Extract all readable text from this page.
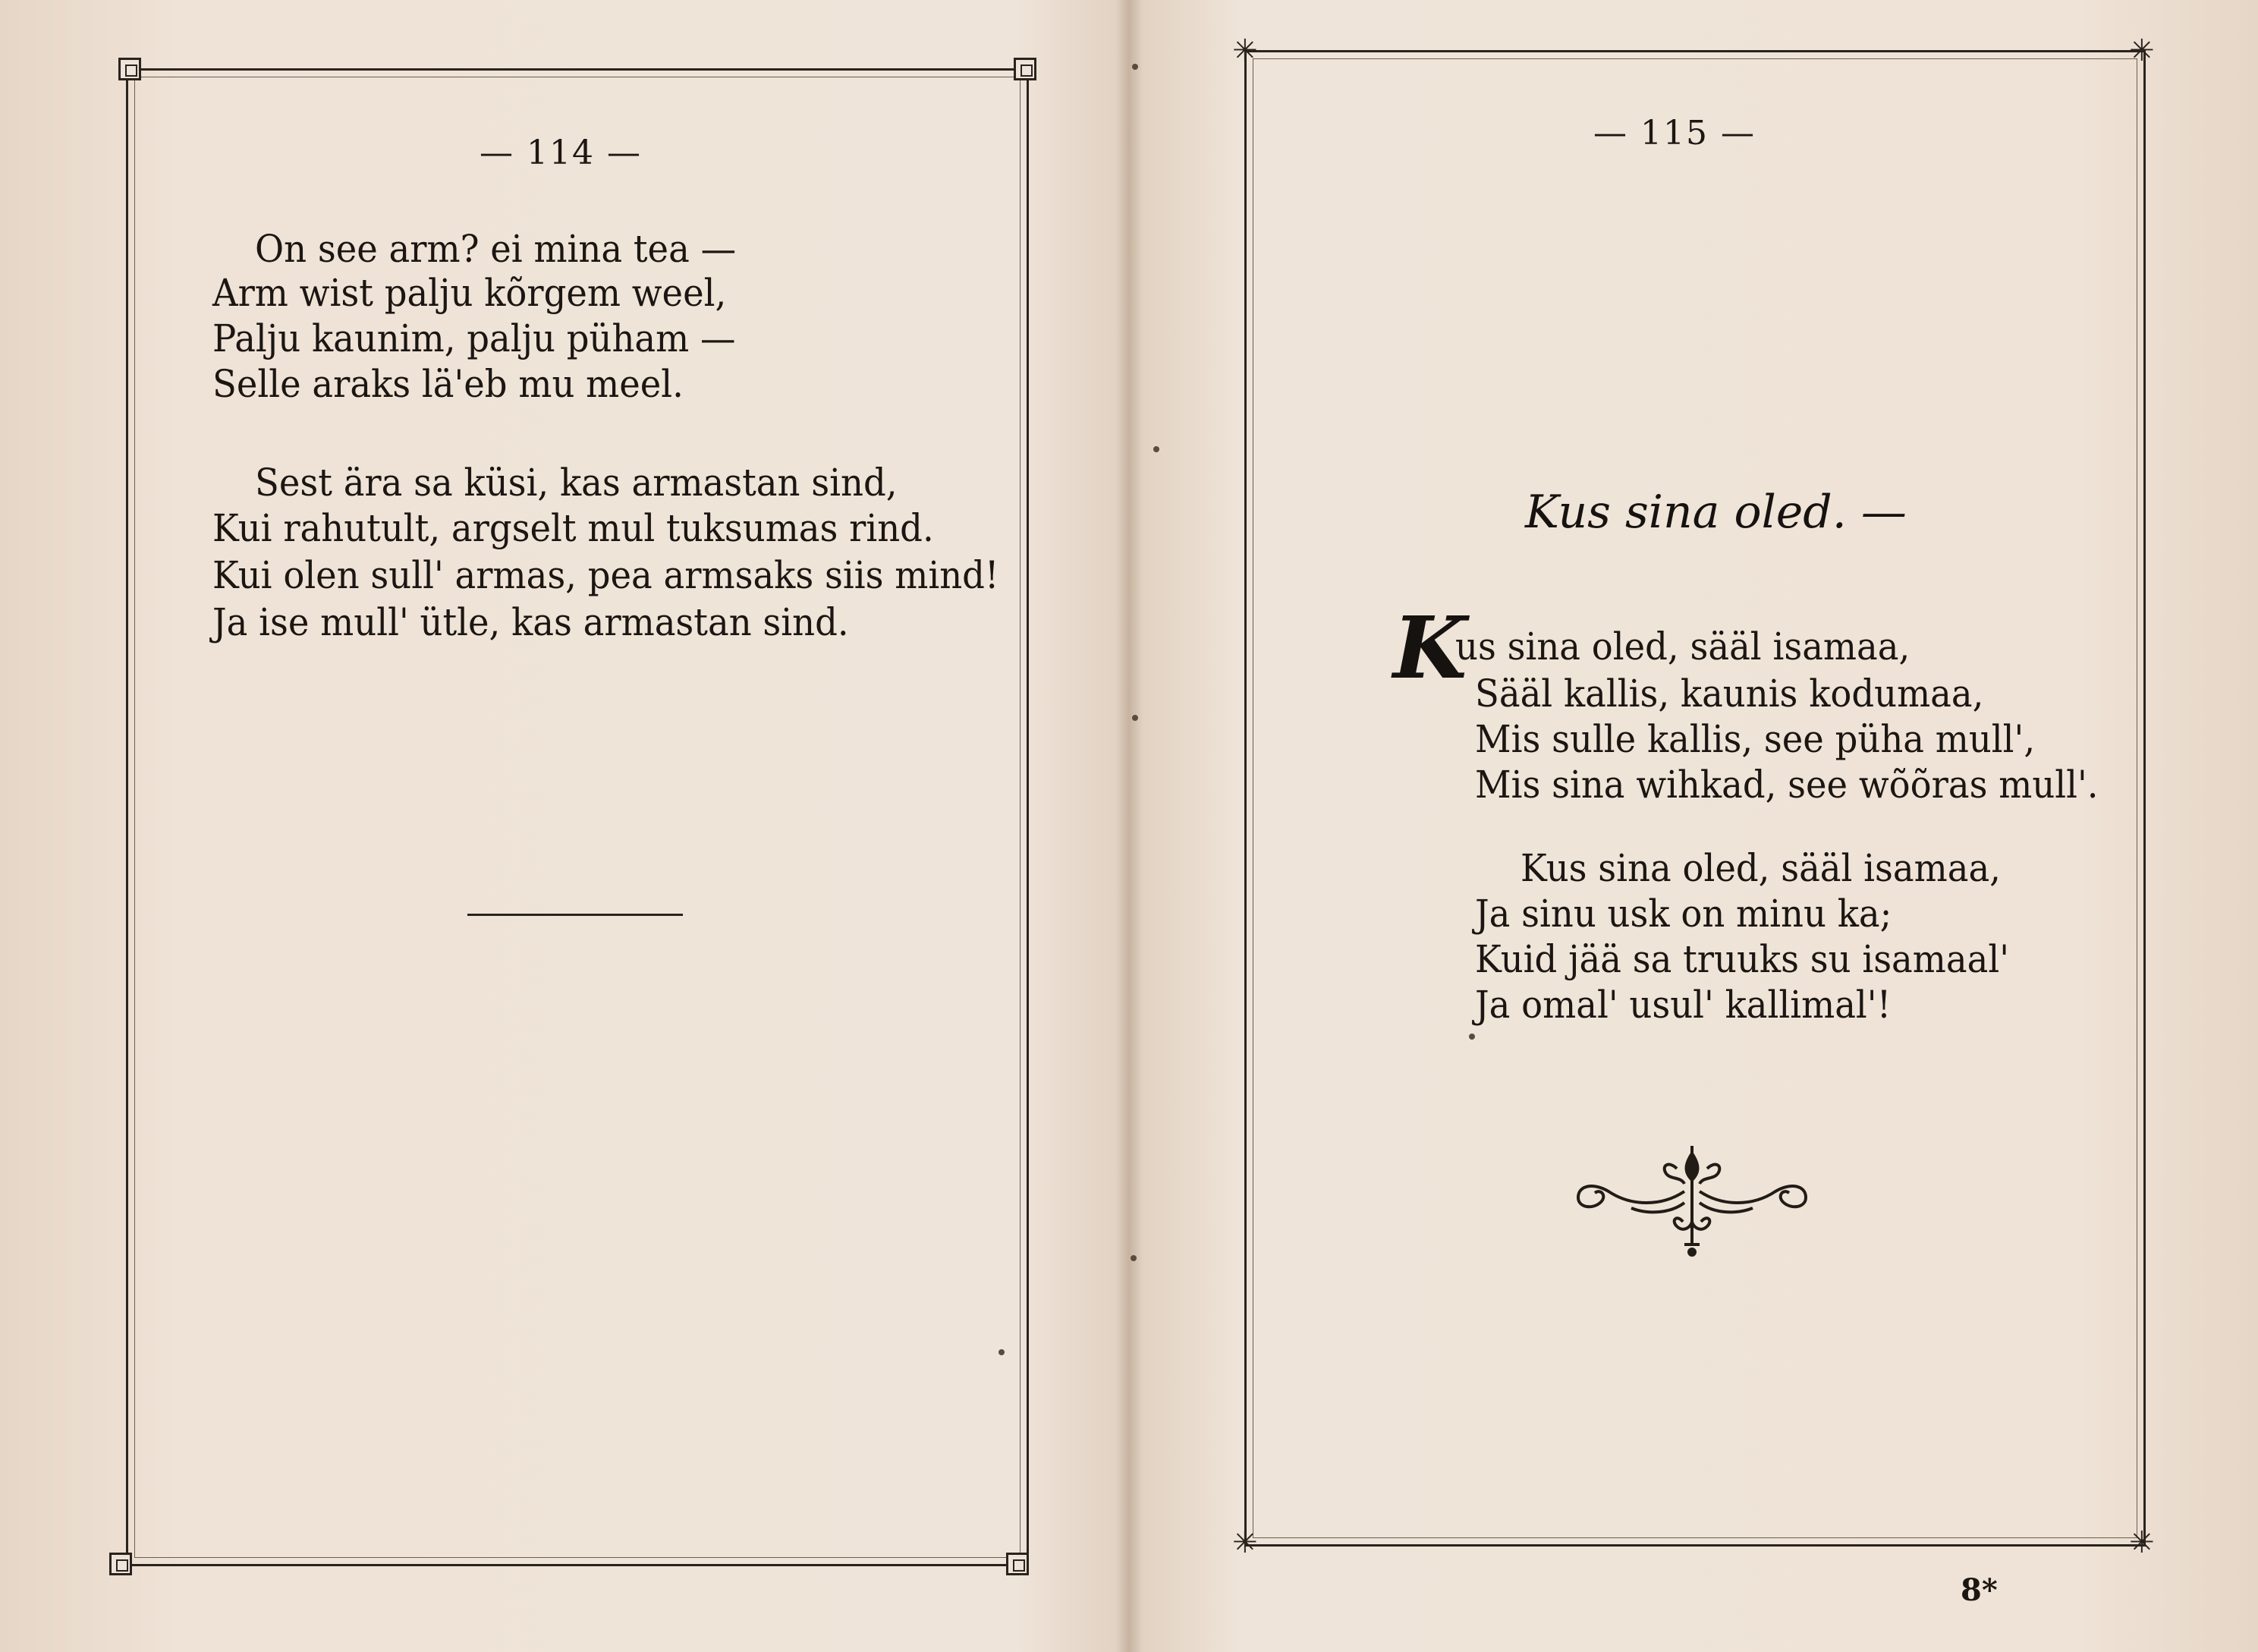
— 114 —
On see arm? ei mina tea —
Arm wist palju kõrgem weel,
Palju kaunim, palju püham —
Selle araks lä'eb mu meel.
Sest ära sa küsi, kas armastan sind,
Kui rahutult, argselt mul tuksumas rind.
Kui olen sull' armas, pea armsaks siis mind!
Ja ise mull' ütle, kas armastan sind.
✳	✳
✳	✳
— 115 —
Kus sina oled. —
K
us sina oled, sääl isamaa,
Sääl kallis, kaunis kodumaa,
Mis sulle kallis, see püha mull',
Mis sina wihkad, see wõõras mull'.
Kus sina oled, sääl isamaa,
Ja sinu usk on minu ka;
Kuid jää sa truuks su isamaal'
Ja omal' usul' kallimal'!
8*
